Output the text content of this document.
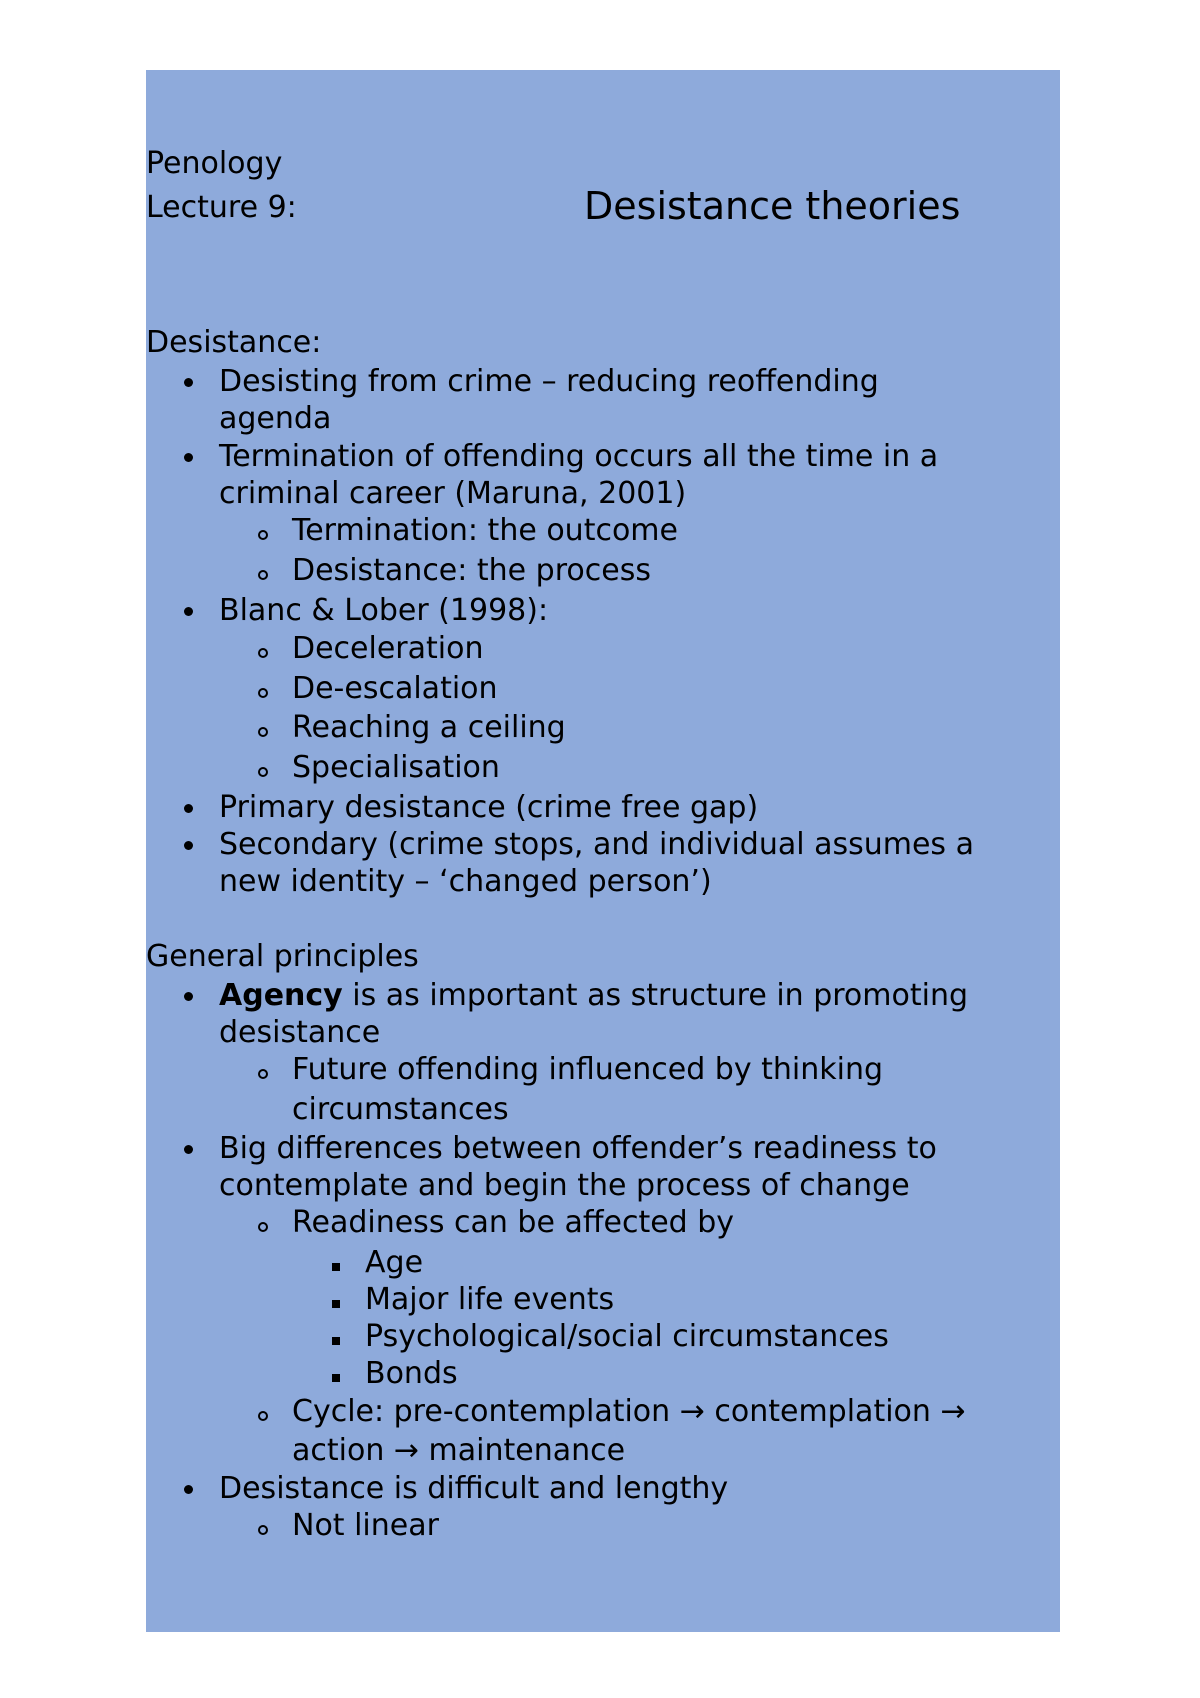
Penology
Lecture 9:	Desistance theories
Desistance:
Desisting from crime – reducing reoffending
agenda
Termination of offending occurs all the time in a
criminal career (Maruna, 2001)
Termination: the outcome
Desistance: the process
Blanc & Lober (1998):
Deceleration
De-escalation
Reaching a ceiling
Specialisation
Primary desistance (crime free gap)
Secondary (crime stops, and individual assumes a
new identity – ‘changed person’)
General principles
Agency is as important as structure in promoting
desistance
Future offending influenced by thinking
circumstances
Big differences between offender’s readiness to
contemplate and begin the process of change
Readiness can be affected by
Age
Major life events
Psychological/social circumstances
Bonds
Cycle: pre-contemplation → contemplation →
action → maintenance
Desistance is difficult and lengthy
Not linear
